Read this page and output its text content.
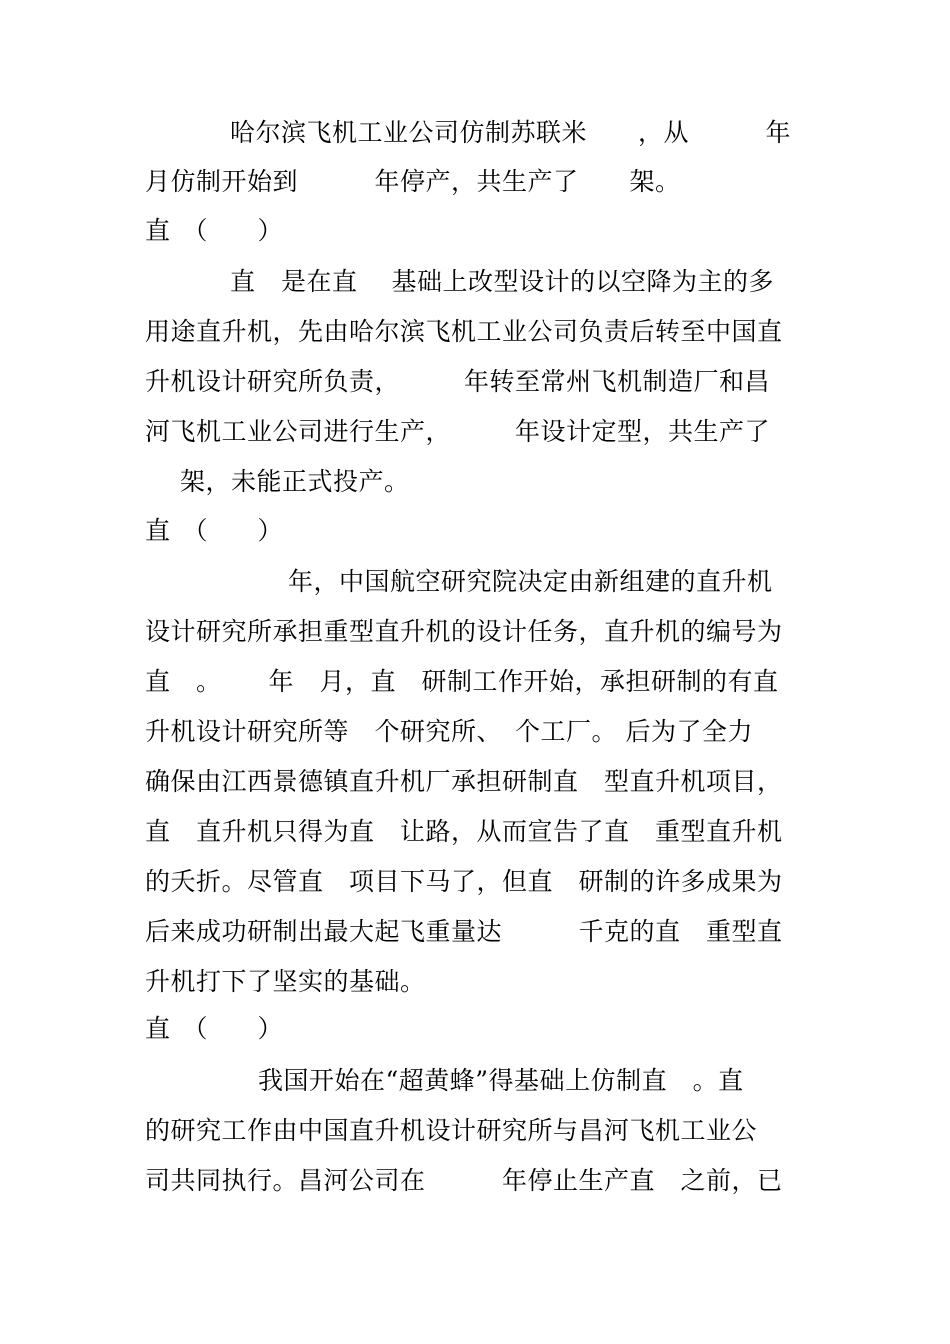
哈尔滨飞机工业公司仿制苏联米　　，从　　　年
月仿制开始到　　　年停产，共生产了　　架。
直　（　　）
直　是在直　 基础上改型设计的以空降为主的多
用途直升机，先由哈尔滨飞机工业公司负责后转至中国直
升机设计研究所负责，　　　年转至常州飞机制造厂和昌
河飞机工业公司进行生产，　　　年设计定型，共生产了
架，未能正式投产。
直　（　　）
年，中国航空研究院决定由新组建的直升机
设计研究所承担重型直升机的设计任务，直升机的编号为
直　。　　 年　月，直　研制工作开始，承担研制的有直
升机设计研究所等　个研究所、　个工厂。 后为了全力
确保由江西景德镇直升机厂承担研制直　型直升机项目，
直　直升机只得为直　让路，从而宣告了直　重型直升机
的夭折。尽管直　项目下马了，但直　研制的许多成果为
后来成功研制出最大起飞重量达　　　千克的直　重型直
升机打下了坚实的基础。
直　（　　）
我国开始在“超黄蜂”得基础上仿制直　。直
的研究工作由中国直升机设计研究所与昌河飞机工业公
司共同执行。昌河公司在　　　年停止生产直　之前，已
